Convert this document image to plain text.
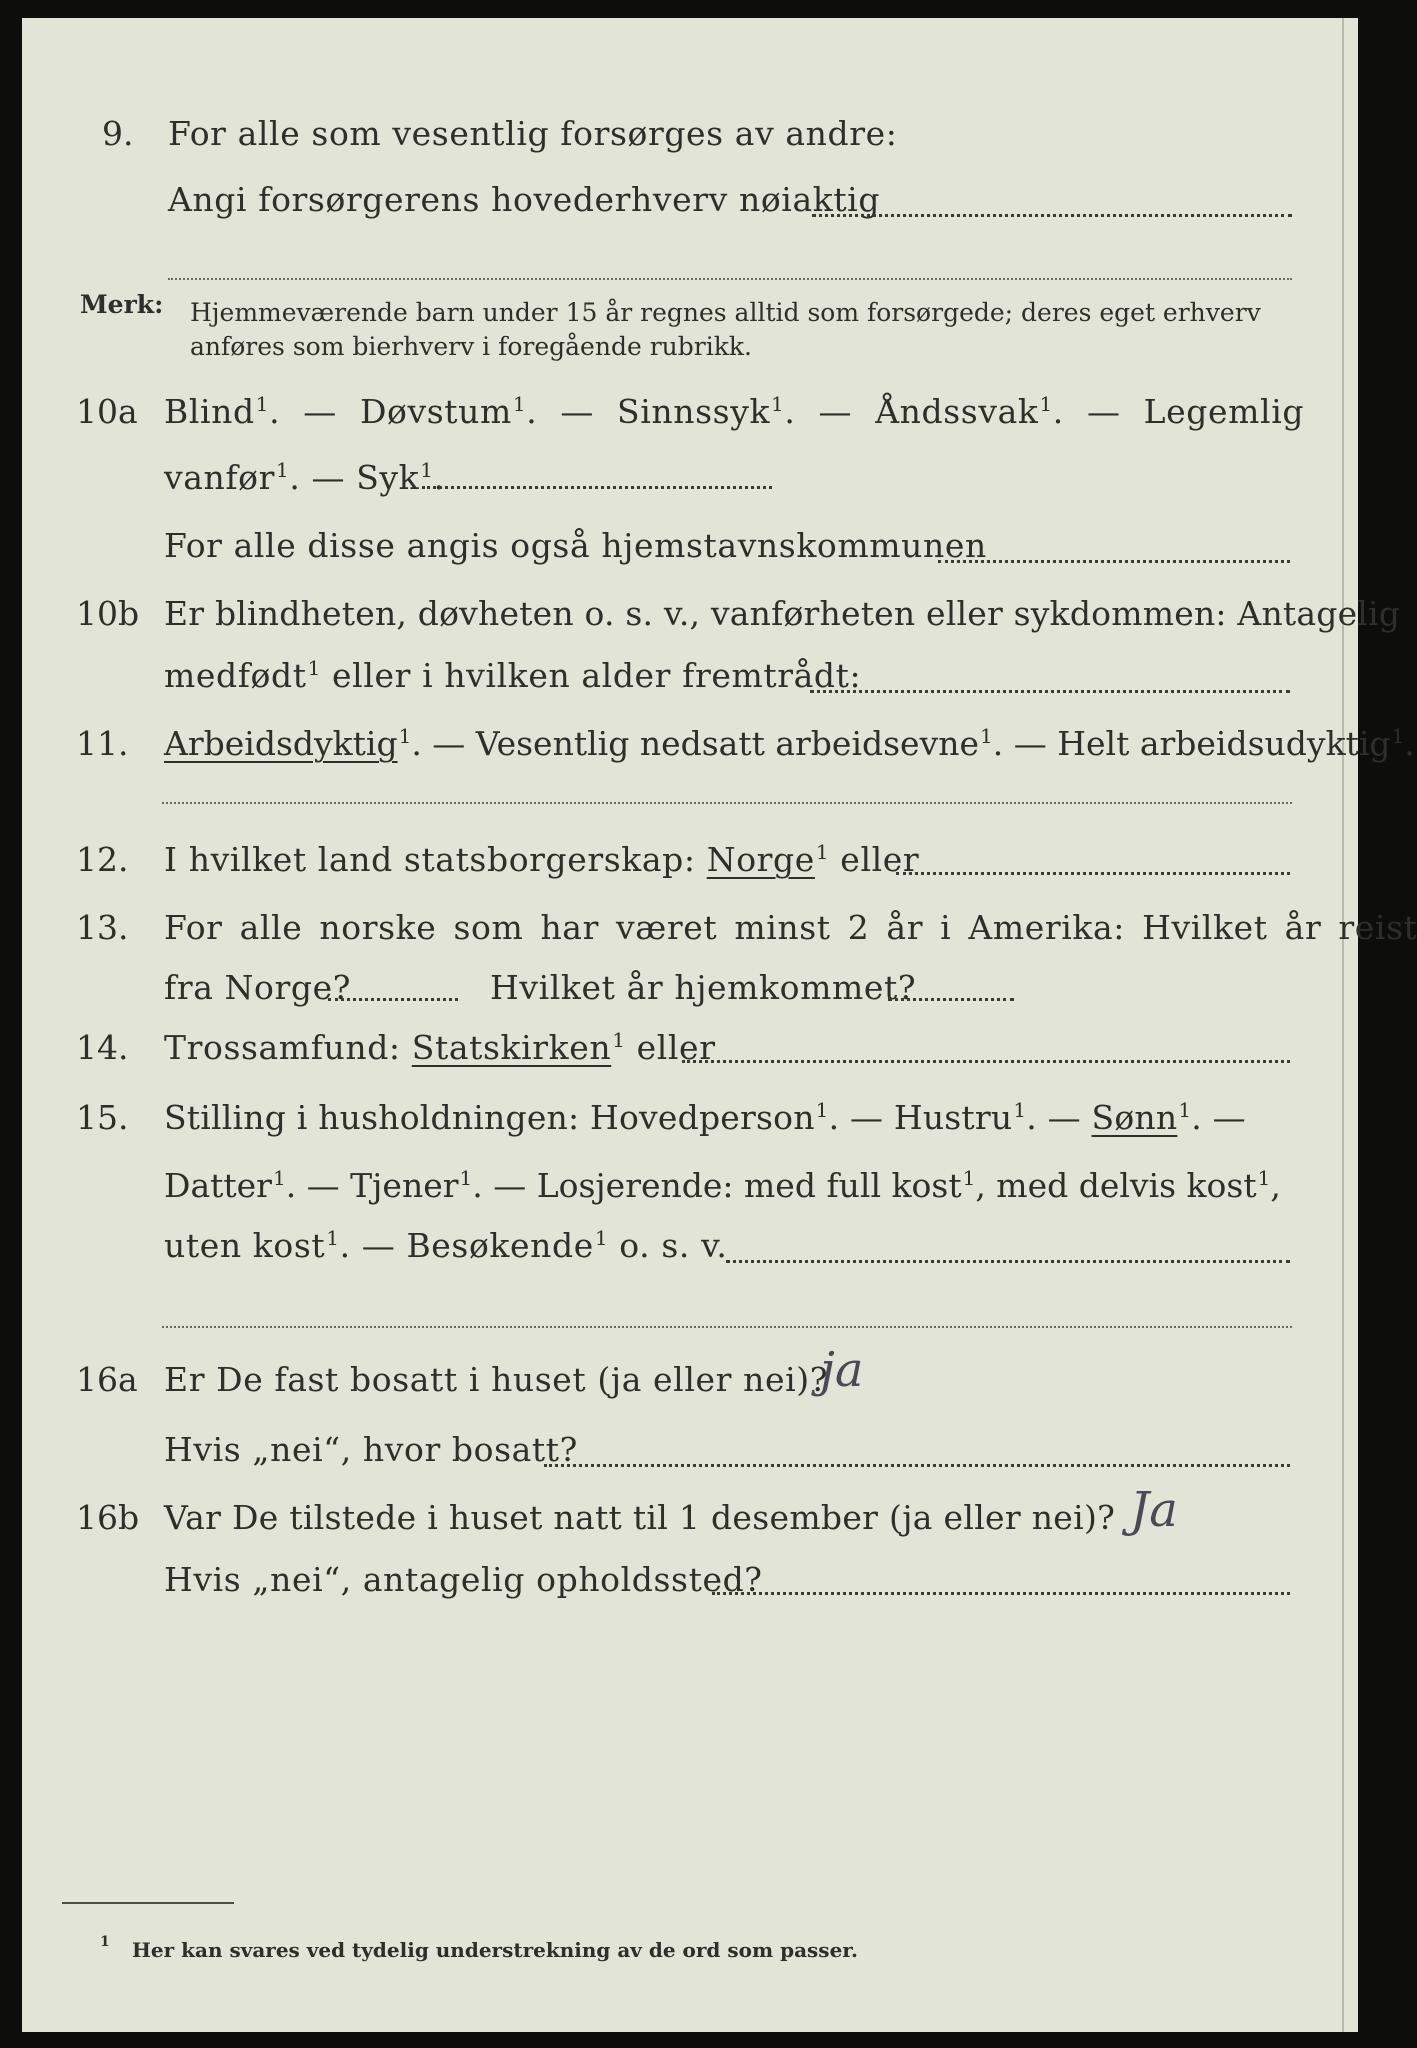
9. For alle som vesentlig forsørges av andre:
Angi forsørgerens hovederhverv nøiaktig
Merk: Hjemmeværende barn under 15 år regnes alltid som forsørgede; deres eget erhverv
anføres som bierhverv i foregående rubrikk.
10a Blind$^1$. — Døvstum$^1$. — Sinnssyk$^1$. — Åndssvak$^1$. — Legemlig
vanfør$^1$. — Syk$^1$.
For alle disse angis også hjemstavnskommunen
10b Er blindheten, døvheten o. s. v., vanførheten eller sykdommen: Antagelig
medfødt$^1$ eller i hvilken alder fremtrådt:
11. Arbeidsdyktig$^1$. — Vesentlig nedsatt arbeidsevne$^1$. — Helt arbeidsudyktig$^1$.
12. I hvilket land statsborgerskap: Norge$^1$ eller
13. For alle norske som har været minst 2 år i Amerika: Hvilket år reist
fra Norge?	Hvilket år hjemkommet?
14. Trossamfund: Statskirken$^1$ eller
15. Stilling i husholdningen: Hovedperson$^1$. — Hustru$^1$. — Sønn$^1$. —
Datter$^1$. — Tjener$^1$. — Losjerende: med full kost$^1$, med delvis kost$^1$,
uten kost$^1$. — Besøkende$^1$ o. s. v.
16a Er De fast bosatt i huset (ja eller nei)?
ja
Hvis „nei“, hvor bosatt?
16b Var De tilstede i huset natt til 1 desember (ja eller nei)? Ja
Hvis „nei“, antagelig opholdssted?
1 Her kan svares ved tydelig understrekning av de ord som passer.
